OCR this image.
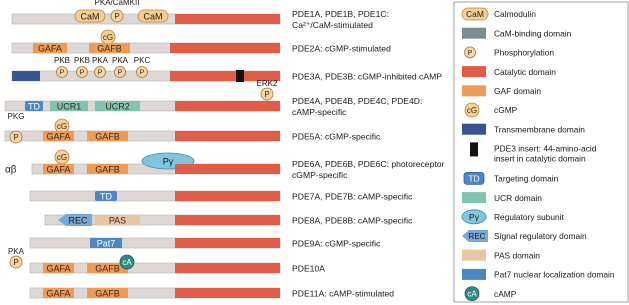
CaM P	CaM
PKA/CaMKII
PDE1A, PDE1B, PDE1C:
Ca²⁺/CaM-stimulated
GAFA
cG
GAFB	PDE2A: cGMP-stimulated
PKB
P
PKB
P
PKA
P
PKA
P
PKC
P	PDE3A, PDE3B: cGMP-inhibited cAMP
TD UCR1	UCR2
P
ERK2
PDE4A, PDE4B, PDE4C, PDE4D:
cAMP-specific
P
cG
GAFA	GAFB
PKG
PDE5A: cGMP-specific
cG
GAFA	GAFB
Pγ
αβ
PDE6A, PDE6B, PDE6C: photoreceptor
cGMP-specific
TD	PDE7A, PDE7B: cAMP-specific
REC PAS	PDE8A, PDE8B: cAMP-specific
Pat7	PDE9A: cGMP-specific
P
GAFA	GAFB
cA
PKA
PDE10A
GAFA	GAFB	PDE11A: cAMP-stimulated
CaM Calmodulin
CaM-binding domain
P	Phosphorylation
Catalytic domain
GAF domain
cG cGMP
Transmembrane domain
PDE3 insert: 44-amino-acid
insert in catalytic domain
TD Targeting domain
UCR domain
Pγ Regulatory subunit
REC Signal regulatory domain
PAS domain
Pat7 nuclear localization domain
cA cAMP
